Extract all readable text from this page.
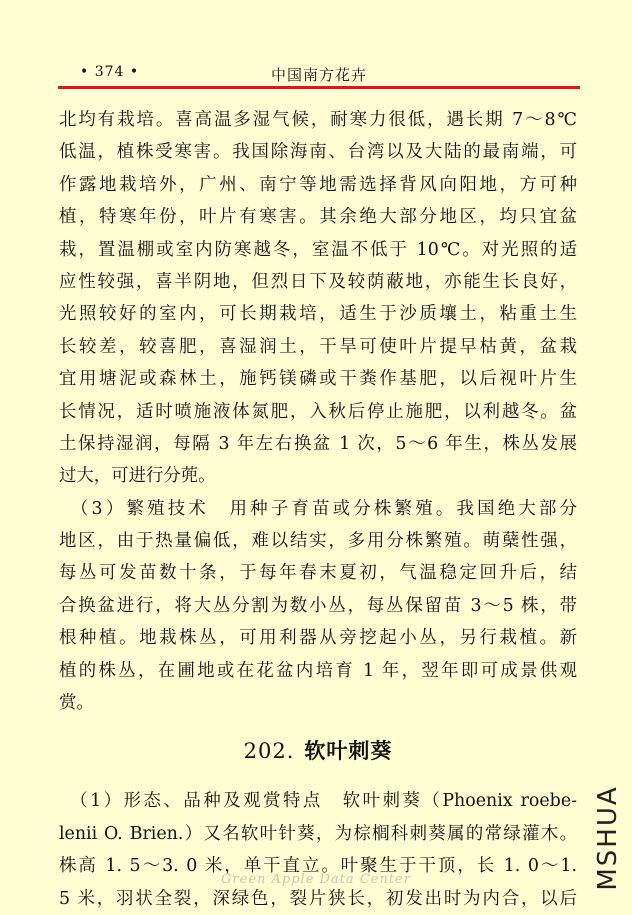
• 374 •	中国南方花卉
北均有栽培。喜高温多湿气候，耐寒力很低，遇长期 7～8℃
低温，植株受寒害。我国除海南、台湾以及大陆的最南端，可
作露地栽培外，广州、南宁等地需选择背风向阳地，方可种
植，特寒年份，叶片有寒害。其余绝大部分地区，均只宜盆
栽，置温棚或室内防寒越冬，室温不低于 10℃。对光照的适
应性较强，喜半阴地，但烈日下及较荫蔽地，亦能生长良好，
光照较好的室内，可长期栽培，适生于沙质壤土，粘重土生
长较差，较喜肥，喜湿润土，干旱可使叶片提早枯黄，盆栽
宜用塘泥或森林土，施钙镁磷或干粪作基肥，以后视叶片生
长情况，适时喷施液体氮肥，入秋后停止施肥，以利越冬。盆
土保持湿润，每隔 3 年左右换盆 1 次，5～6 年生，株丛发展
过大，可进行分蔸。
　（3）繁殖技术　用种子育苗或分株繁殖。我国绝大部分
地区，由于热量偏低，难以结实，多用分株繁殖。萌蘖性强，
每丛可发苗数十条，于每年春末夏初，气温稳定回升后，结
合换盆进行，将大丛分割为数小丛，每丛保留苗 3～5 株，带
根种植。地栽株丛，可用利器从旁挖起小丛，另行栽植。新
植的株丛，在圃地或在花盆内培育 1 年，翌年即可成景供观
赏。
202. 软叶刺葵
　（1）形态、品种及观赏特点　软叶刺葵（Phoenix roebe-
lenii O. Brien.）又名软叶针葵，为棕榈科刺葵属的常绿灌木。
株高 1. 5～3. 0 米，单干直立。叶聚生于干顶，长 1. 0～1.
5 米，羽状全裂，深绿色，裂片狭长，初发出时为内合，以后
Green Apple Data Center	MSHUA
